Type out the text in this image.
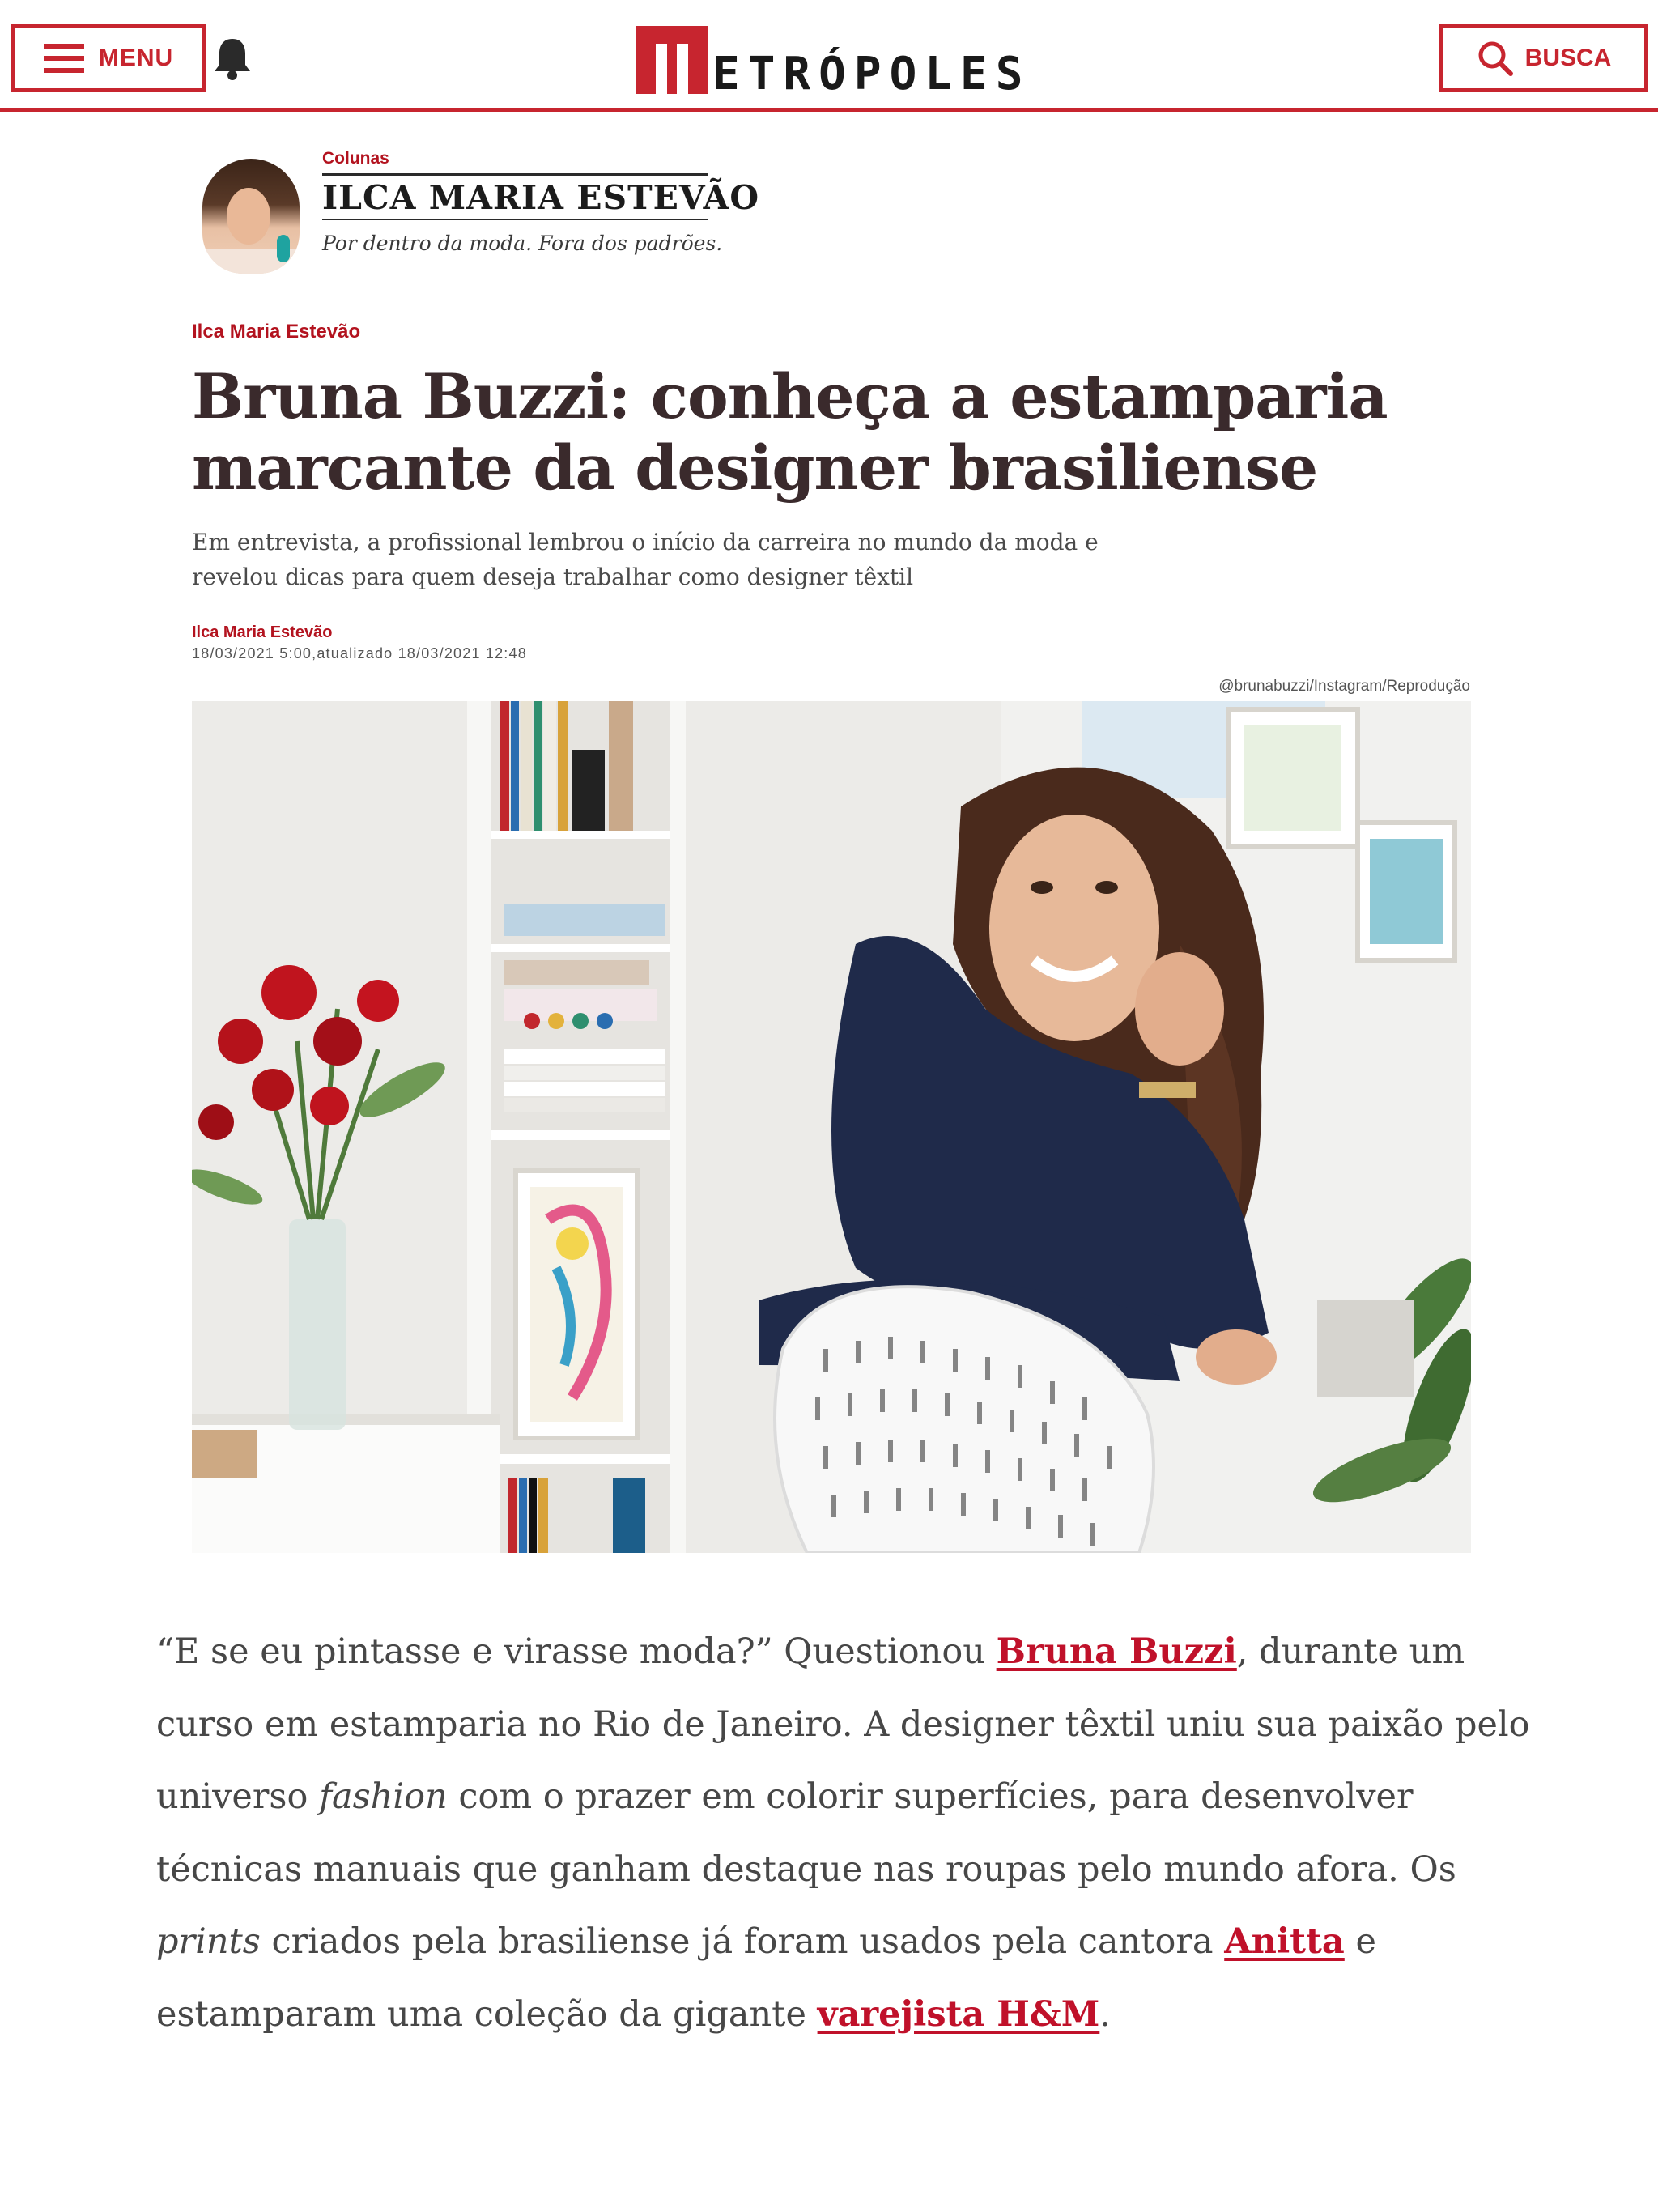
MENU	ETRÓPOLES	BUSCA
Colunas
ILCA MARIA ESTEVÃO
Por dentro da moda. Fora dos padrões.
Ilca Maria Estevão
Bruna Buzzi: conheça a estamparia marcante da designer brasiliense

Em entrevista, a profissional lembrou o início da carreira no mundo da moda e revelou dicas para quem deseja trabalhar como designer têxtil

Ilca Maria Estevão
18/03/2021 5:00,atualizado 18/03/2021 12:48
@brunabuzzi/Instagram/Reprodução

“E se eu pintasse e virasse moda?” Questionou Bruna Buzzi, durante um curso em estamparia no Rio de Janeiro. A designer têxtil uniu sua paixão pelo universo fashion com o prazer em colorir superfícies, para desenvolver técnicas manuais que ganham destaque nas roupas pelo mundo afora. Os prints criados pela brasiliense já foram usados pela cantora Anitta e estamparam uma coleção da gigante varejista H&M.
